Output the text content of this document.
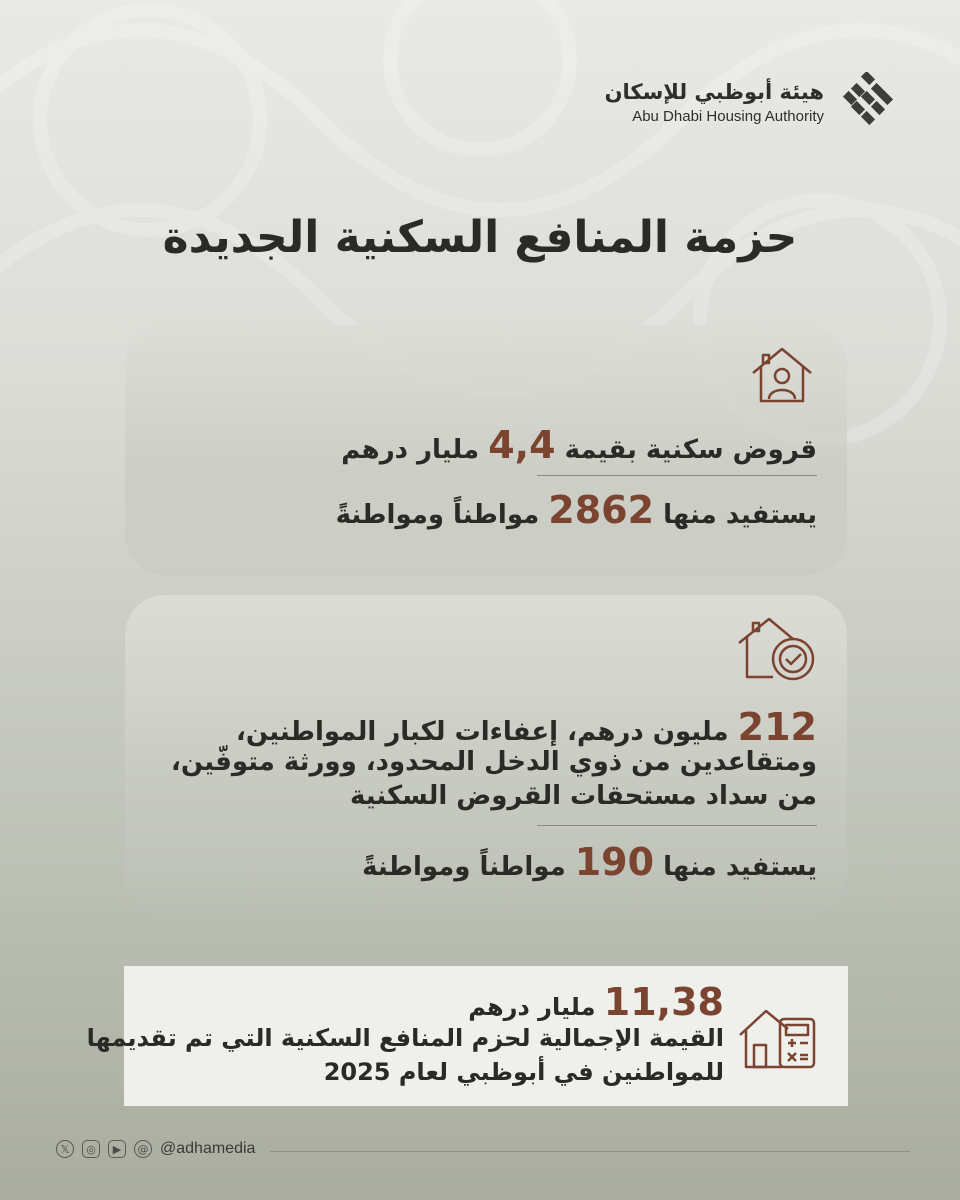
هيئة أبوظبي للإسكان
Abu Dhabi Housing Authority
حزمة المنافع السكنية الجديدة
قروض سكنية بقيمة 4,4 مليار درهم
يستفيد منها 2862 مواطناً ومواطنةً
212 مليون درهم، إعفاءات لكبار المواطنين،
ومتقاعدين من ذوي الدخل المحدود، وورثة متوفّين،
من سداد مستحقات القروض السكنية
يستفيد منها 190 مواطناً ومواطنةً
11,38 مليار درهم
القيمة الإجمالية لحزم المنافع السكنية التي تم تقديمها
للمواطنين في أبوظبي لعام 2025
𝕏	◎	▶	@ @adhamedia
